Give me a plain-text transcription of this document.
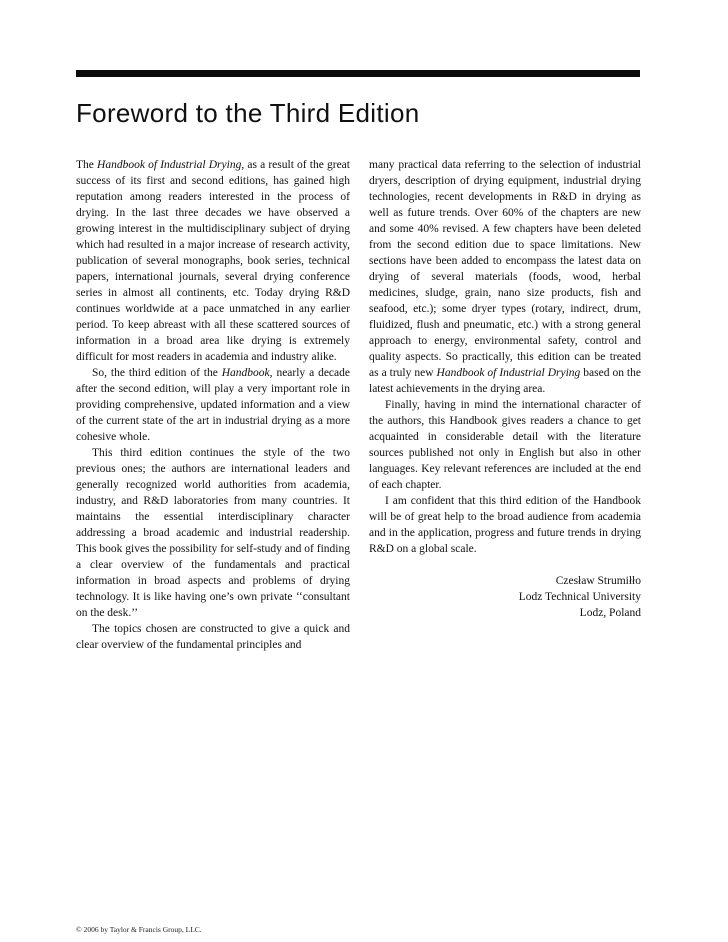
Foreword to the Third Edition

The Handbook of Industrial Drying, as a result of the great success of its first and second editions, has gained high reputation among readers interested in the process of drying. In the last three decades we have observed a growing interest in the multidisciplinary subject of drying which had resulted in a major increase of research activity, publication of several monographs, book series, technical papers, international journals, several drying conference series in almost all continents, etc. Today drying R&D continues worldwide at a pace unmatched in any earlier period. To keep abreast with all these scattered sources of information in a broad area like drying is extremely difficult for most readers in academia and industry alike.

So, the third edition of the Handbook, nearly a decade after the second edition, will play a very important role in providing comprehensive, updated information and a view of the current state of the art in industrial drying as a more cohesive whole.

This third edition continues the style of the two previous ones; the authors are international leaders and generally recognized world authorities from academia, industry, and R&D laboratories from many countries. It maintains the essential interdisciplinary character addressing a broad academic and industrial readership. This book gives the possibility for self-study and of finding a clear overview of the fundamentals and practical information in broad aspects and problems of drying technology. It is like having one’s own private ‘‘consultant on the desk.’’

The topics chosen are constructed to give a quick and clear overview of the fundamental principles and

many practical data referring to the selection of industrial dryers, description of drying equipment, industrial drying technologies, recent developments in R&D in drying as well as future trends. Over 60% of the chapters are new and some 40% revised. A few chapters have been deleted from the second edition due to space limitations. New sections have been added to encompass the latest data on drying of several materials (foods, wood, herbal medicines, sludge, grain, nano size products, fish and seafood, etc.); some dryer types (rotary, indirect, drum, fluidized, flush and pneumatic, etc.) with a strong general approach to energy, environmental safety, control and quality aspects. So practically, this edition can be treated as a truly new Handbook of Industrial Drying based on the latest achievements in the drying area.

Finally, having in mind the international character of the authors, this Handbook gives readers a chance to get acquainted in considerable detail with the literature sources published not only in English but also in other languages. Key relevant references are included at the end of each chapter.

I am confident that this third edition of the Handbook will be of great help to the broad audience from academia and in the application, progress and future trends in drying R&D on a global scale.

Czesław Strumiłło
Lodz Technical University
Lodz, Poland
© 2006 by Taylor & Francis Group, LLC.
